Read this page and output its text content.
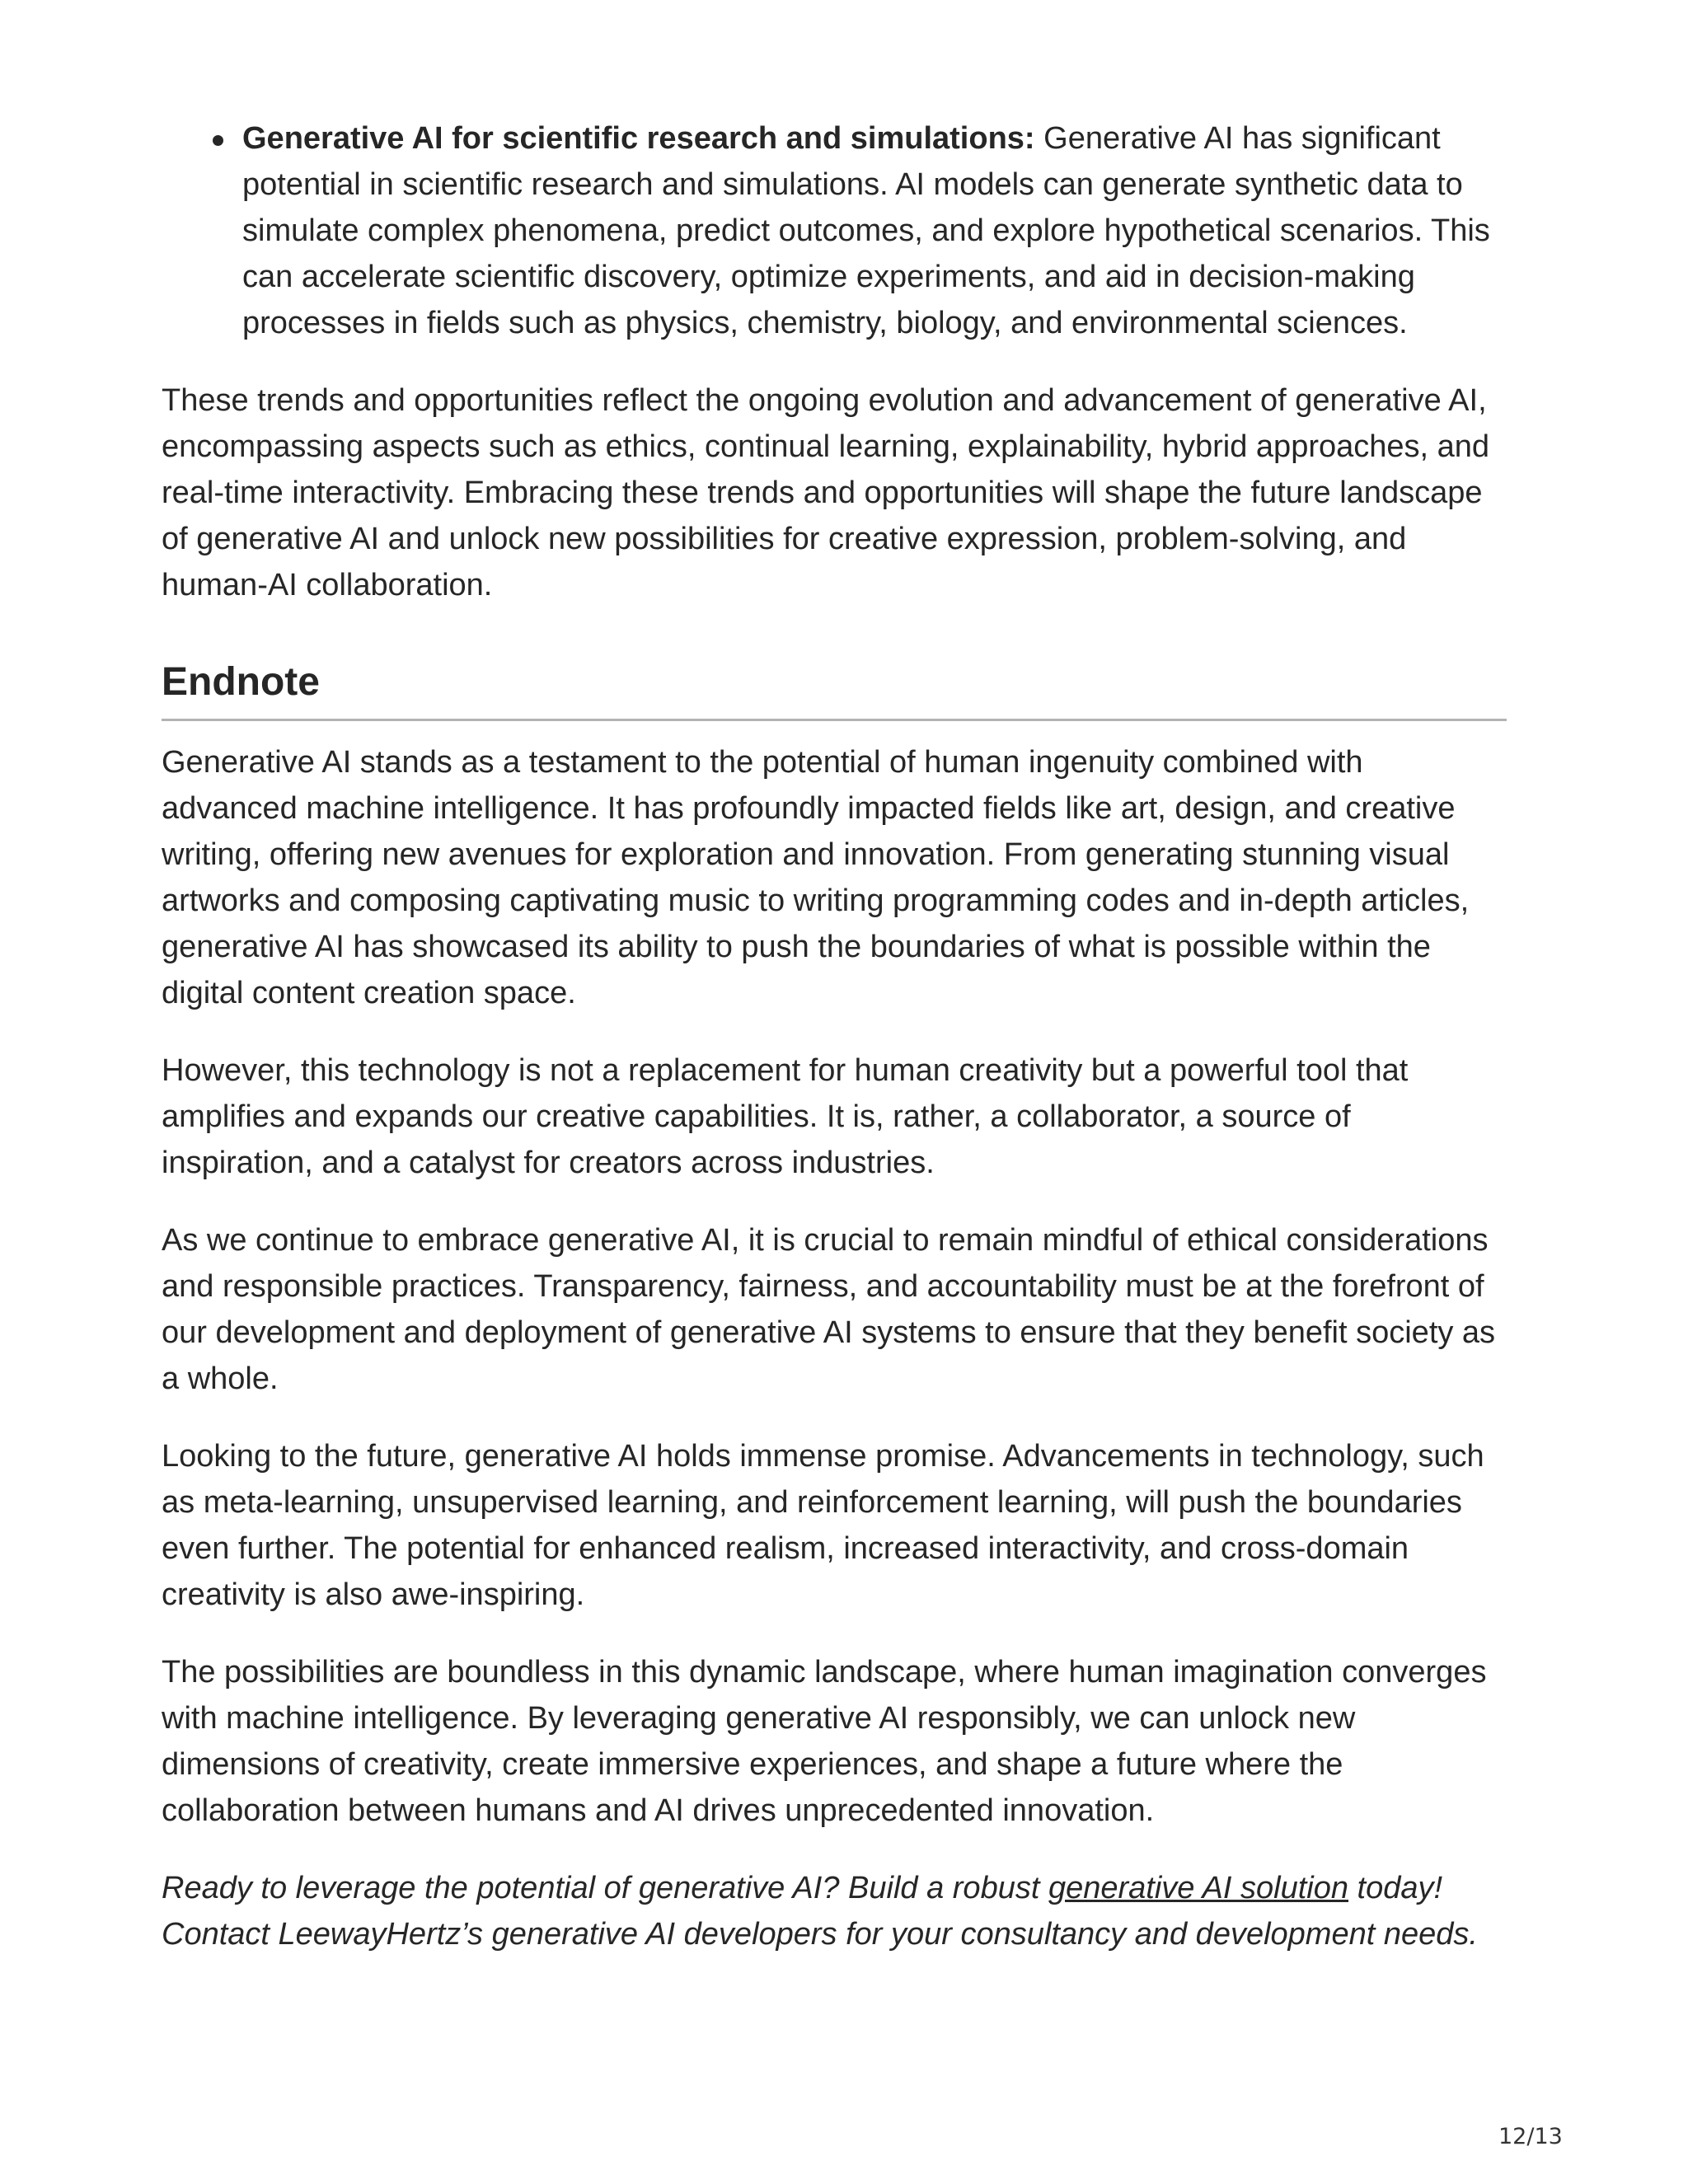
Generative AI for scientific research and simulations: Generative AI has significant potential in scientific research and simulations. AI models can generate synthetic data to simulate complex phenomena, predict outcomes, and explore hypothetical scenarios. This can accelerate scientific discovery, optimize experiments, and aid in decision-making processes in fields such as physics, chemistry, biology, and environmental sciences.

These trends and opportunities reflect the ongoing evolution and advancement of generative AI, encompassing aspects such as ethics, continual learning, explainability, hybrid approaches, and real-time interactivity. Embracing these trends and opportunities will shape the future landscape of generative AI and unlock new possibilities for creative expression, problem-solving, and human-AI collaboration.

Endnote

Generative AI stands as a testament to the potential of human ingenuity combined with advanced machine intelligence. It has profoundly impacted fields like art, design, and creative writing, offering new avenues for exploration and innovation. From generating stunning visual artworks and composing captivating music to writing programming codes and in-depth articles, generative AI has showcased its ability to push the boundaries of what is possible within the digital content creation space.

However, this technology is not a replacement for human creativity but a powerful tool that amplifies and expands our creative capabilities. It is, rather, a collaborator, a source of inspiration, and a catalyst for creators across industries.

As we continue to embrace generative AI, it is crucial to remain mindful of ethical considerations and responsible practices. Transparency, fairness, and accountability must be at the forefront of our development and deployment of generative AI systems to ensure that they benefit society as a whole.

Looking to the future, generative AI holds immense promise. Advancements in technology, such as meta-learning, unsupervised learning, and reinforcement learning, will push the boundaries even further. The potential for enhanced realism, increased interactivity, and cross-domain creativity is also awe-inspiring.

The possibilities are boundless in this dynamic landscape, where human imagination converges with machine intelligence. By leveraging generative AI responsibly, we can unlock new dimensions of creativity, create immersive experiences, and shape a future where the collaboration between humans and AI drives unprecedented innovation.

Ready to leverage the potential of generative AI? Build a robust generative AI solution today! Contact LeewayHertz’s generative AI developers for your consultancy and development needs.

12/13
